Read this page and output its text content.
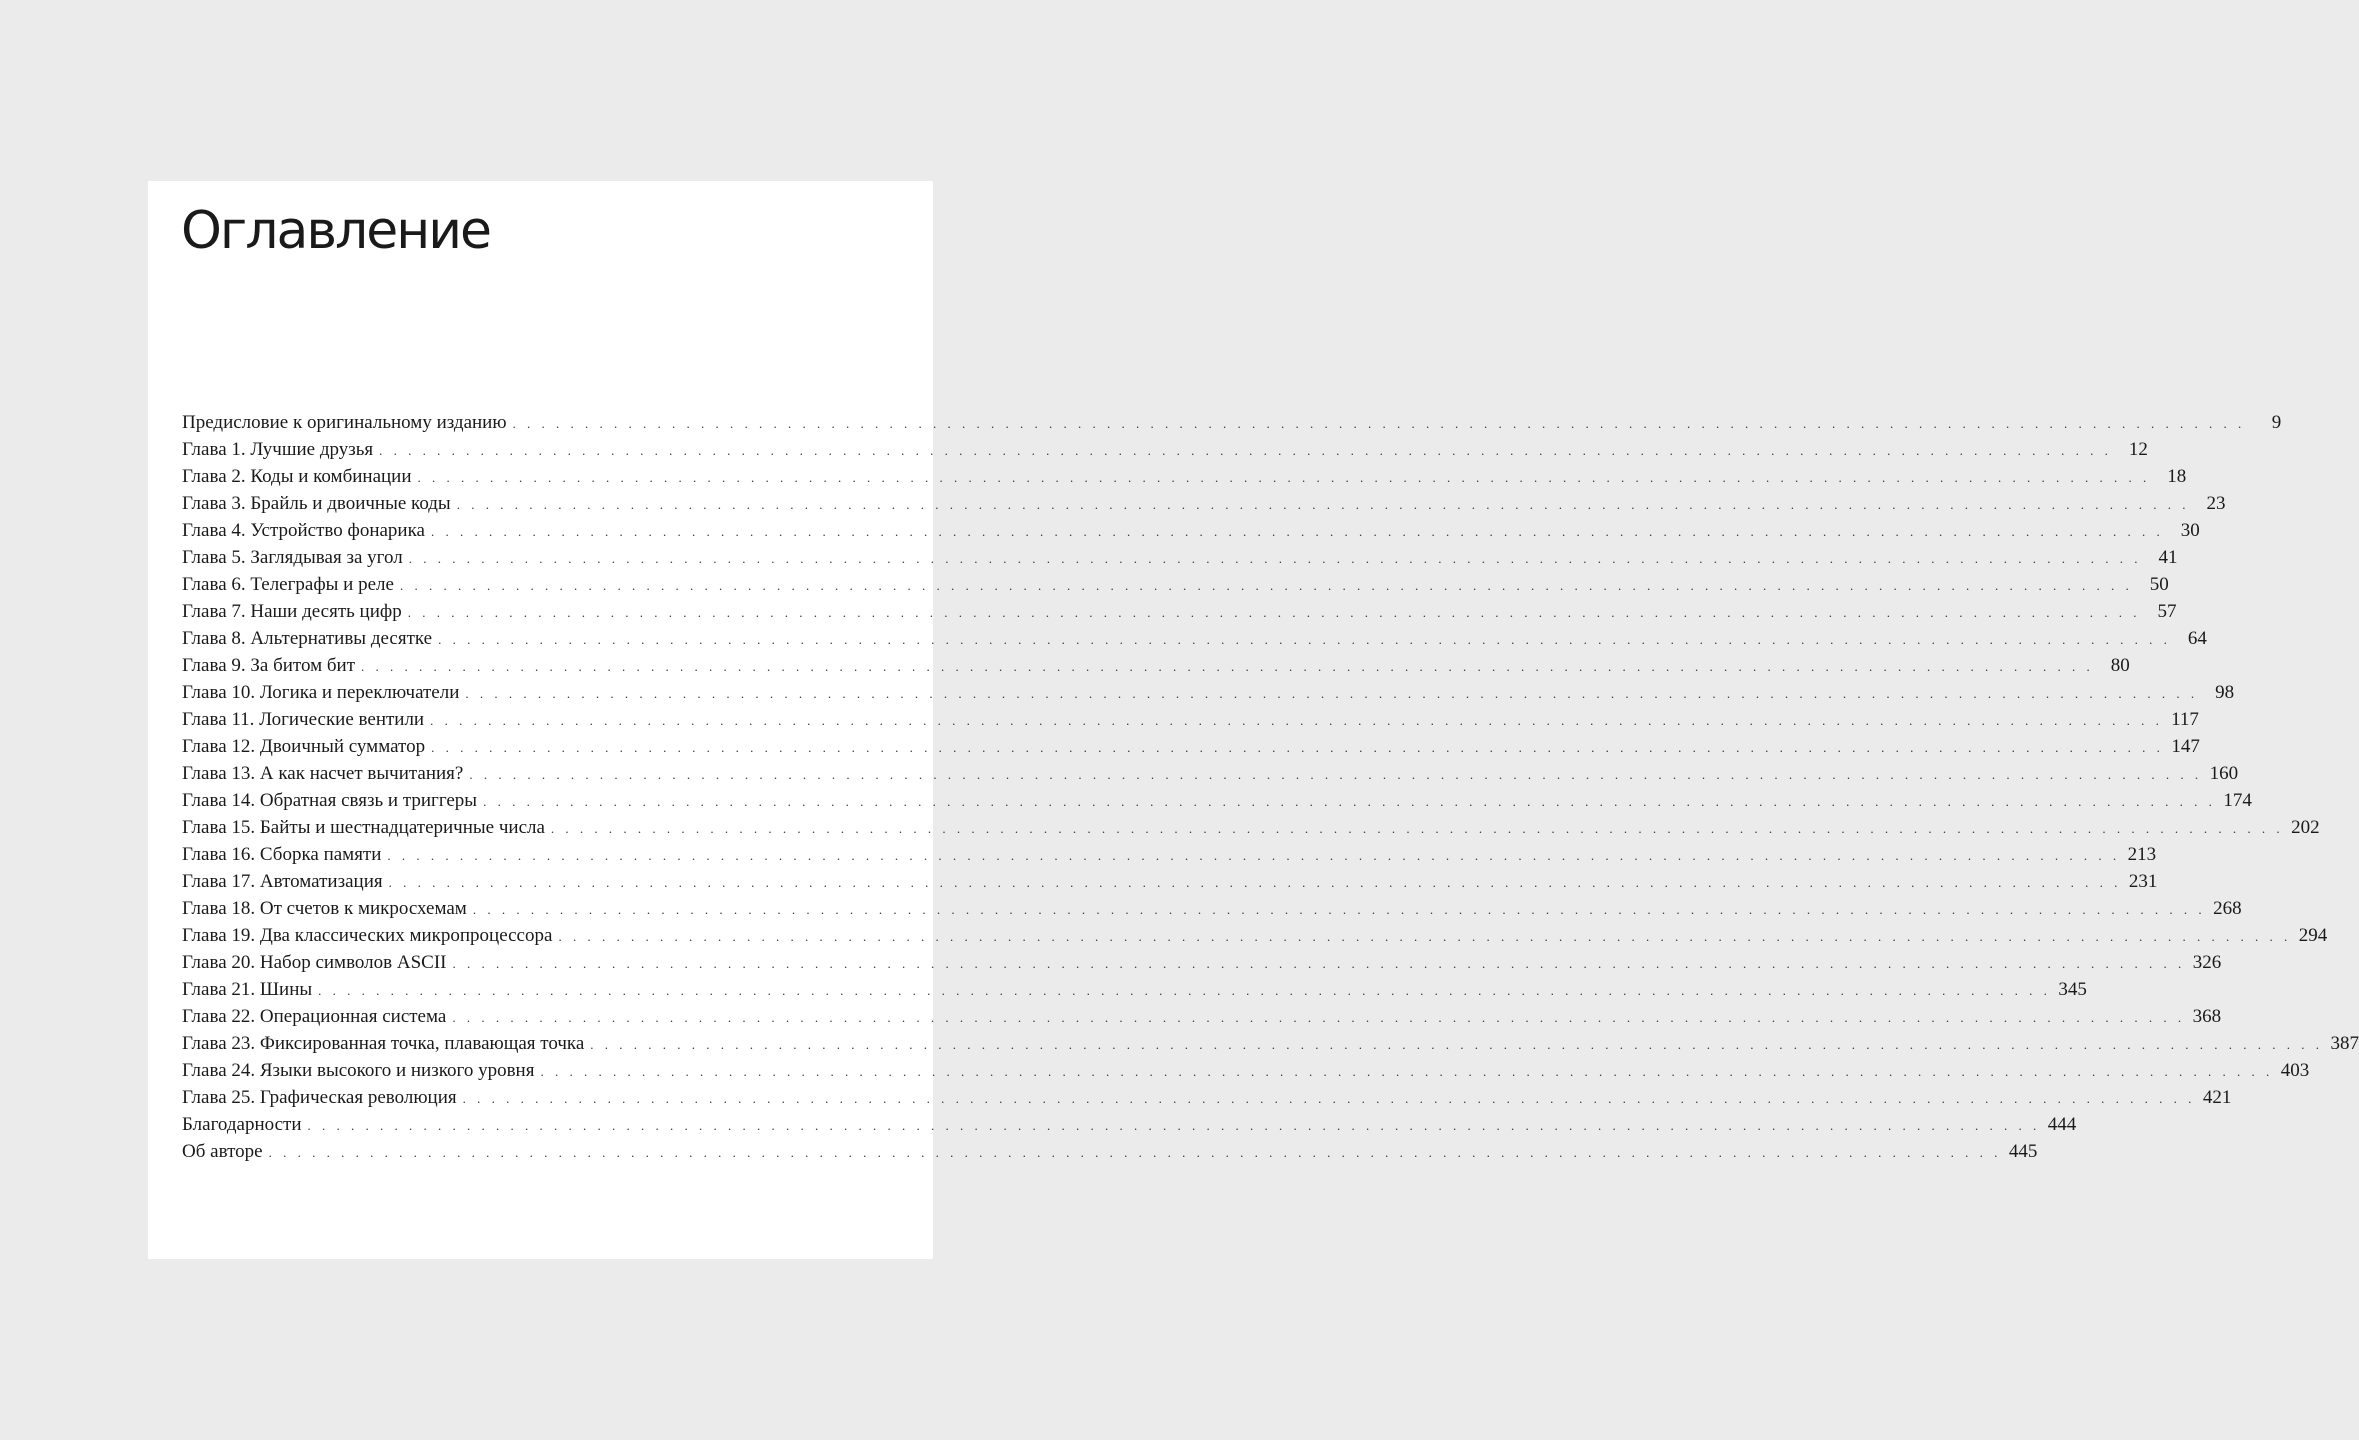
Оглавление
Предисловие к оригинальному изданию . . . . . . . . . . . . . . . . . . . . . . . . . . . . . . . . . . . . . . . . . . . . . . . . . . . . . . . . . . . . . . . . . . . . . . . . . . . . . . . . . . . . . . . . . . . . . . . . . . . . . . . . . . . . . . . . . . . . . . . .	9
Глава 1. Лучшие друзья . . . . . . . . . . . . . . . . . . . . . . . . . . . . . . . . . . . . . . . . . . . . . . . . . . . . . . . . . . . . . . . . . . . . . . . . . . . . . . . . . . . . . . . . . . . . . . . . . . . . . . . . . . . . . . . . . . . . . . . . 12
Глава 2. Коды и комбинации . . . . . . . . . . . . . . . . . . . . . . . . . . . . . . . . . . . . . . . . . . . . . . . . . . . . . . . . . . . . . . . . . . . . . . . . . . . . . . . . . . . . . . . . . . . . . . . . . . . . . . . . . . . . . . . . . . . . . . . . 18
Глава 3. Брайль и двоичные коды . . . . . . . . . . . . . . . . . . . . . . . . . . . . . . . . . . . . . . . . . . . . . . . . . . . . . . . . . . . . . . . . . . . . . . . . . . . . . . . . . . . . . . . . . . . . . . . . . . . . . . . . . . . . . . . . . . . . . . . . 23
Глава 4. Устройство фонарика . . . . . . . . . . . . . . . . . . . . . . . . . . . . . . . . . . . . . . . . . . . . . . . . . . . . . . . . . . . . . . . . . . . . . . . . . . . . . . . . . . . . . . . . . . . . . . . . . . . . . . . . . . . . . . . . . . . . . . . . 30
Глава 5. Заглядывая за угол . . . . . . . . . . . . . . . . . . . . . . . . . . . . . . . . . . . . . . . . . . . . . . . . . . . . . . . . . . . . . . . . . . . . . . . . . . . . . . . . . . . . . . . . . . . . . . . . . . . . . . . . . . . . . . . . . . . . . . . . 41
Глава 6. Телеграфы и реле . . . . . . . . . . . . . . . . . . . . . . . . . . . . . . . . . . . . . . . . . . . . . . . . . . . . . . . . . . . . . . . . . . . . . . . . . . . . . . . . . . . . . . . . . . . . . . . . . . . . . . . . . . . . . . . . . . . . . . . . 50
Глава 7. Наши десять цифр . . . . . . . . . . . . . . . . . . . . . . . . . . . . . . . . . . . . . . . . . . . . . . . . . . . . . . . . . . . . . . . . . . . . . . . . . . . . . . . . . . . . . . . . . . . . . . . . . . . . . . . . . . . . . . . . . . . . . . . . 57
Глава 8. Альтернативы десятке . . . . . . . . . . . . . . . . . . . . . . . . . . . . . . . . . . . . . . . . . . . . . . . . . . . . . . . . . . . . . . . . . . . . . . . . . . . . . . . . . . . . . . . . . . . . . . . . . . . . . . . . . . . . . . . . . . . . . . . . 64
Глава 9. За битом бит . . . . . . . . . . . . . . . . . . . . . . . . . . . . . . . . . . . . . . . . . . . . . . . . . . . . . . . . . . . . . . . . . . . . . . . . . . . . . . . . . . . . . . . . . . . . . . . . . . . . . . . . . . . . . . . . . . . . . . . . 80
Глава 10. Логика и переключатели . . . . . . . . . . . . . . . . . . . . . . . . . . . . . . . . . . . . . . . . . . . . . . . . . . . . . . . . . . . . . . . . . . . . . . . . . . . . . . . . . . . . . . . . . . . . . . . . . . . . . . . . . . . . . . . . . . . . . . . . 98
Глава 11. Логические вентили . . . . . . . . . . . . . . . . . . . . . . . . . . . . . . . . . . . . . . . . . . . . . . . . . . . . . . . . . . . . . . . . . . . . . . . . . . . . . . . . . . . . . . . . . . . . . . . . . . . . . . . . . . . . . . . . . . . . . . . . 117
Глава 12. Двоичный сумматор . . . . . . . . . . . . . . . . . . . . . . . . . . . . . . . . . . . . . . . . . . . . . . . . . . . . . . . . . . . . . . . . . . . . . . . . . . . . . . . . . . . . . . . . . . . . . . . . . . . . . . . . . . . . . . . . . . . . . . . . 147
Глава 13. А как насчет вычитания? . . . . . . . . . . . . . . . . . . . . . . . . . . . . . . . . . . . . . . . . . . . . . . . . . . . . . . . . . . . . . . . . . . . . . . . . . . . . . . . . . . . . . . . . . . . . . . . . . . . . . . . . . . . . . . . . . . . . . . . . 160
Глава 14. Обратная связь и триггеры . . . . . . . . . . . . . . . . . . . . . . . . . . . . . . . . . . . . . . . . . . . . . . . . . . . . . . . . . . . . . . . . . . . . . . . . . . . . . . . . . . . . . . . . . . . . . . . . . . . . . . . . . . . . . . . . . . . . . . . . 174
Глава 15. Байты и шестнадцатеричные числа . . . . . . . . . . . . . . . . . . . . . . . . . . . . . . . . . . . . . . . . . . . . . . . . . . . . . . . . . . . . . . . . . . . . . . . . . . . . . . . . . . . . . . . . . . . . . . . . . . . . . . . . . . . . . . . . . . . . . . . . 202
Глава 16. Сборка памяти . . . . . . . . . . . . . . . . . . . . . . . . . . . . . . . . . . . . . . . . . . . . . . . . . . . . . . . . . . . . . . . . . . . . . . . . . . . . . . . . . . . . . . . . . . . . . . . . . . . . . . . . . . . . . . . . . . . . . . . . 213
Глава 17. Автоматизация . . . . . . . . . . . . . . . . . . . . . . . . . . . . . . . . . . . . . . . . . . . . . . . . . . . . . . . . . . . . . . . . . . . . . . . . . . . . . . . . . . . . . . . . . . . . . . . . . . . . . . . . . . . . . . . . . . . . . . . . 231
Глава 18. От счетов к микросхемам . . . . . . . . . . . . . . . . . . . . . . . . . . . . . . . . . . . . . . . . . . . . . . . . . . . . . . . . . . . . . . . . . . . . . . . . . . . . . . . . . . . . . . . . . . . . . . . . . . . . . . . . . . . . . . . . . . . . . . . . 268
Глава 19. Два классических микропроцессора . . . . . . . . . . . . . . . . . . . . . . . . . . . . . . . . . . . . . . . . . . . . . . . . . . . . . . . . . . . . . . . . . . . . . . . . . . . . . . . . . . . . . . . . . . . . . . . . . . . . . . . . . . . . . . . . . . . . . . . . 294
Глава 20. Набор символов ASCII . . . . . . . . . . . . . . . . . . . . . . . . . . . . . . . . . . . . . . . . . . . . . . . . . . . . . . . . . . . . . . . . . . . . . . . . . . . . . . . . . . . . . . . . . . . . . . . . . . . . . . . . . . . . . . . . . . . . . . . . 326
Глава 21. Шины . . . . . . . . . . . . . . . . . . . . . . . . . . . . . . . . . . . . . . . . . . . . . . . . . . . . . . . . . . . . . . . . . . . . . . . . . . . . . . . . . . . . . . . . . . . . . . . . . . . . . . . . . . . . . . . . . . . . . . . . 345
Глава 22. Операционная система . . . . . . . . . . . . . . . . . . . . . . . . . . . . . . . . . . . . . . . . . . . . . . . . . . . . . . . . . . . . . . . . . . . . . . . . . . . . . . . . . . . . . . . . . . . . . . . . . . . . . . . . . . . . . . . . . . . . . . . . 368
Глава 23. Фиксированная точка, плавающая точка . . . . . . . . . . . . . . . . . . . . . . . . . . . . . . . . . . . . . . . . . . . . . . . . . . . . . . . . . . . . . . . . . . . . . . . . . . . . . . . . . . . . . . . . . . . . . . . . . . . . . . . . . . . . . . . . . . . . . . . . 387
Глава 24. Языки высокого и низкого уровня . . . . . . . . . . . . . . . . . . . . . . . . . . . . . . . . . . . . . . . . . . . . . . . . . . . . . . . . . . . . . . . . . . . . . . . . . . . . . . . . . . . . . . . . . . . . . . . . . . . . . . . . . . . . . . . . . . . . . . . . 403
Глава 25. Графическая революция . . . . . . . . . . . . . . . . . . . . . . . . . . . . . . . . . . . . . . . . . . . . . . . . . . . . . . . . . . . . . . . . . . . . . . . . . . . . . . . . . . . . . . . . . . . . . . . . . . . . . . . . . . . . . . . . . . . . . . . . 421
Благодарности . . . . . . . . . . . . . . . . . . . . . . . . . . . . . . . . . . . . . . . . . . . . . . . . . . . . . . . . . . . . . . . . . . . . . . . . . . . . . . . . . . . . . . . . . . . . . . . . . . . . . . . . . . . . . . . . . . . . . . . . 444
Об авторе . . . . . . . . . . . . . . . . . . . . . . . . . . . . . . . . . . . . . . . . . . . . . . . . . . . . . . . . . . . . . . . . . . . . . . . . . . . . . . . . . . . . . . . . . . . . . . . . . . . . . . . . . . . . . . . . . . . . . . . . 445
